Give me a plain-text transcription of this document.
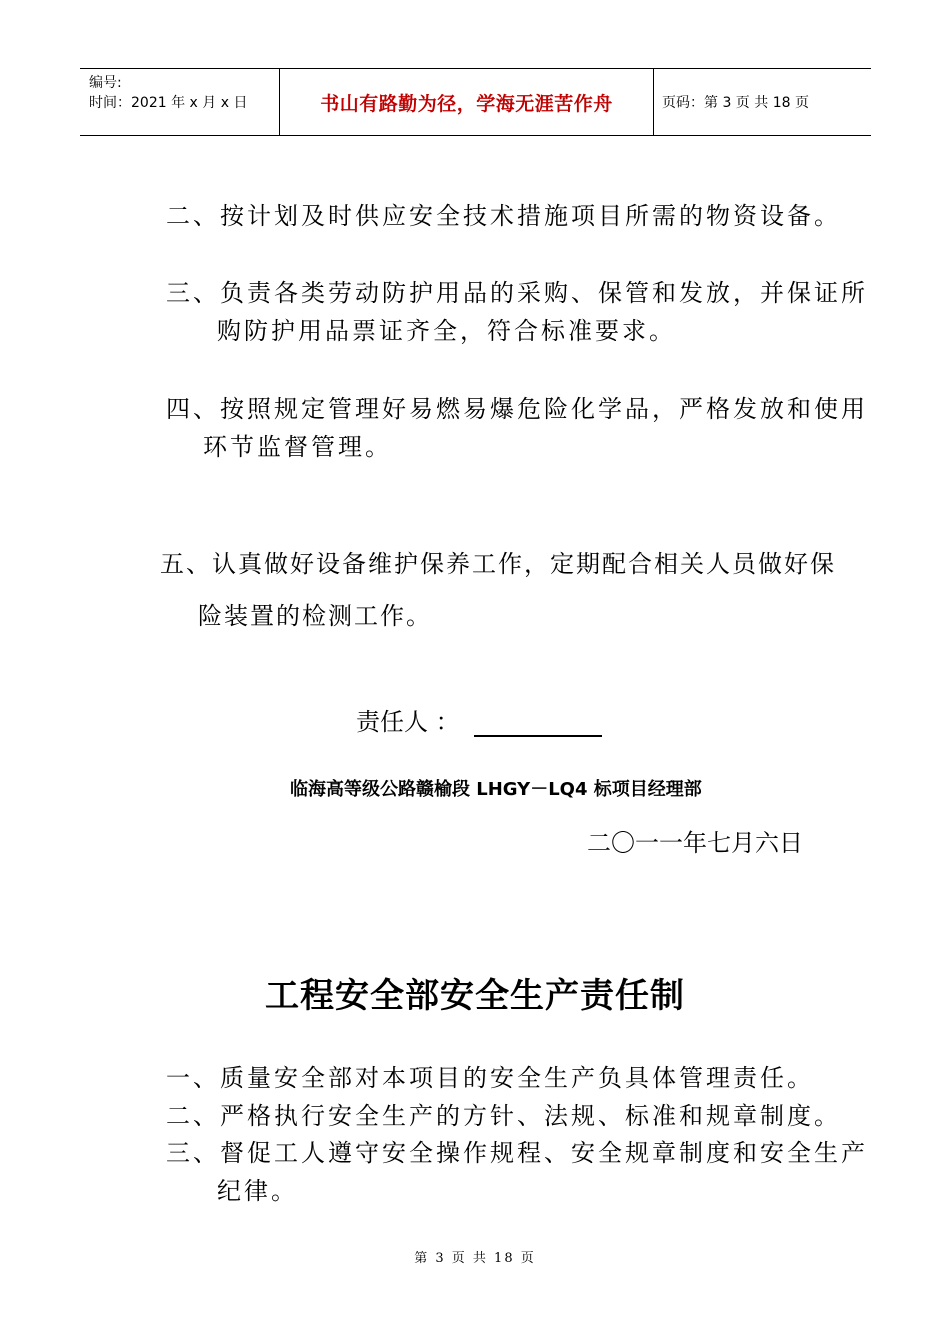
编号:
时间：2021 年 x 月 x 日	书山有路勤为径，学海无涯苦作舟	页码：第 3 页 共 18 页
二、按计划及时供应安全技术措施项目所需的物资设备。
三、负责各类劳动防护用品的采购、保管和发放，并保证所
购防护用品票证齐全，符合标准要求。
四、按照规定管理好易燃易爆危险化学品，严格发放和使用
环节监督管理。
五、认真做好设备维护保养工作，定期配合相关人员做好保
险装置的检测工作。
责任人 ：
临海高等级公路赣榆段 LHGY－LQ4 标项目经理部
二〇一一年七月六日
工程安全部安全生产责任制
一、质量安全部对本项目的安全生产负具体管理责任。
二、严格执行安全生产的方针、法规、标准和规章制度。
三、督促工人遵守安全操作规程、安全规章制度和安全生产
纪律。
第 3 页 共 18 页
